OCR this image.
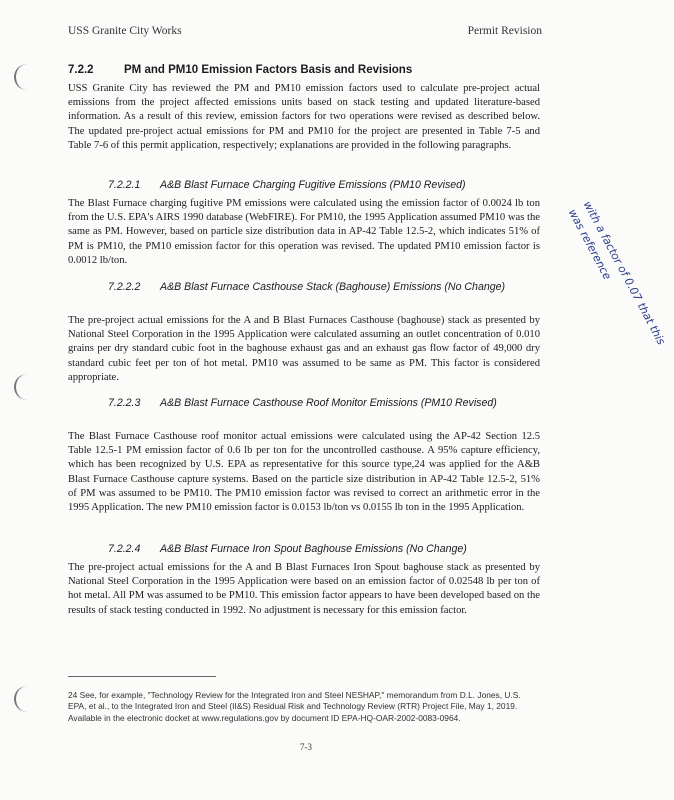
USS Granite City Works	Permit Revision
7.2.2	PM and PM10 Emission Factors Basis and Revisions

USS Granite City has reviewed the PM and PM10 emission factors used to calculate pre-project actual emissions from the project affected emissions units based on stack testing and updated literature-based information. As a result of this review, emission factors for two operations were revised as described below. The updated pre-project actual emissions for PM and PM10 for the project are presented in Table 7-5 and Table 7-6 of this permit application, respectively; explanations are provided in the following paragraphs.

7.2.2.1 A&B Blast Furnace Charging Fugitive Emissions (PM10 Revised)

The Blast Furnace charging fugitive PM emissions were calculated using the emission factor of 0.0024 lb ton from the U.S. EPA's AIRS 1990 database (WebFIRE). For PM10, the 1995 Application assumed PM10 was the same as PM. However, based on particle size distribution data in AP-42 Table 12.5-2, which indicates 51% of PM is PM10, the PM10 emission factor for this operation was revised. The updated PM10 emission factor is 0.0012 lb/ton.

7.2.2.2 A&B Blast Furnace Casthouse Stack (Baghouse) Emissions (No Change)

The pre-project actual emissions for the A and B Blast Furnaces Casthouse (baghouse) stack as presented by National Steel Corporation in the 1995 Application were calculated assuming an outlet concentration of 0.010 grains per dry standard cubic foot in the baghouse exhaust gas and an exhaust gas flow factor of 49,000 dry standard cubic feet per ton of hot metal. PM10 was assumed to be same as PM. This factor is considered appropriate.

7.2.2.3 A&B Blast Furnace Casthouse Roof Monitor Emissions (PM10 Revised)

The Blast Furnace Casthouse roof monitor actual emissions were calculated using the AP-42 Section 12.5 Table 12.5-1 PM emission factor of 0.6 lb per ton for the uncontrolled casthouse. A 95% capture efficiency, which has been recognized by U.S. EPA as representative for this source type,24 was applied for the A&B Blast Furnace Casthouse capture systems. Based on the particle size distribution in AP-42 Table 12.5-2, 51% of PM was assumed to be PM10. The PM10 emission factor was revised to correct an arithmetic error in the 1995 Application. The new PM10 emission factor is 0.0153 lb/ton vs 0.0155 lb ton in the 1995 Application.

7.2.2.4 A&B Blast Furnace Iron Spout Baghouse Emissions (No Change)

The pre-project actual emissions for the A and B Blast Furnaces Iron Spout baghouse stack as presented by National Steel Corporation in the 1995 Application were based on an emission factor of 0.02548 lb per ton of hot metal. All PM was assumed to be PM10. This emission factor appears to have been developed based on the results of stack testing conducted in 1992. No adjustment is necessary for this emission factor.

with a factor of 0.07 that this was reference
24 See, for example, "Technology Review for the Integrated Iron and Steel NESHAP," memorandum from D.L. Jones, U.S. EPA, et al., to the Integrated Iron and Steel (II&S) Residual Risk and Technology Review (RTR) Project File, May 1, 2019. Available in the electronic docket at www.regulations.gov by document ID EPA-HQ-OAR-2002-0083-0964.
7-3
